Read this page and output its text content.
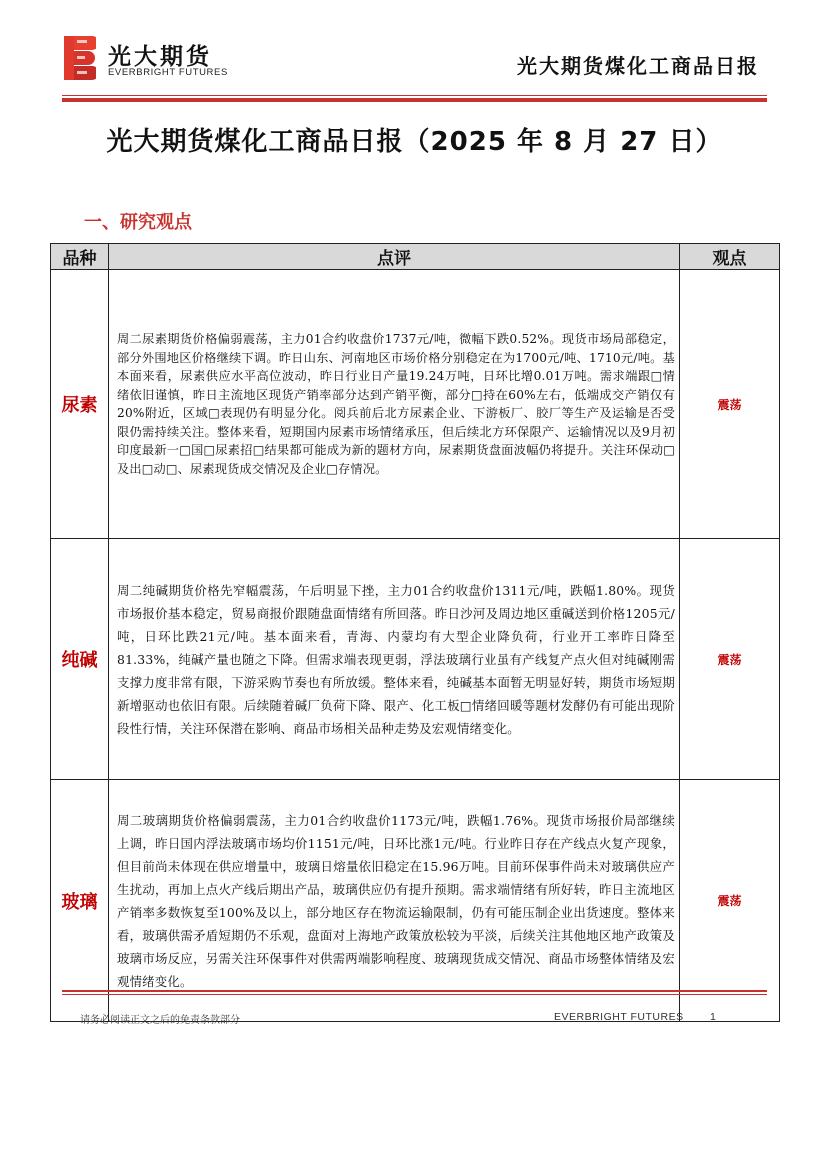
光大期货
EVERBRIGHT FUTURES	光大期货煤化工商品日报
光大期货煤化工商品日报（2025 年 8 月 27 日）
一、研究观点
品种	点评	观点
尿素	周二尿素期货价格偏弱震荡，主力01合约收盘价1737元/吨，微幅下跌0.52%。现货市场局部稳定，部分外围地区价格继续下调。昨日山东、河南地区市场价格分别稳定在为1700元/吨、1710元/吨。基本面来看，尿素供应水平高位波动，昨日行业日产量19.24万吨，日环比增0.01万吨。需求端跟□情绪依旧谨慎，昨日主流地区现货产销率部分达到产销平衡，部分□持在60%左右，低端成交产销仅有20%附近，区域□表现仍有明显分化。阅兵前后北方尿素企业、下游板厂、胶厂等生产及运输是否受限仍需持续关注。整体来看，短期国内尿素市场情绪承压，但后续北方环保限产、运输情况以及9月初印度最新一□国□尿素招□结果都可能成为新的题材方向，尿素期货盘面波幅仍将提升。关注环保动□及出□动□、尿素现货成交情况及企业□存情况。	震荡
纯碱	周二纯碱期货价格先窄幅震荡，午后明显下挫，主力01合约收盘价1311元/吨，跌幅1.80%。现货市场报价基本稳定，贸易商报价跟随盘面情绪有所回落。昨日沙河及周边地区重碱送到价格1205元/吨，日环比跌21元/吨。基本面来看，青海、内蒙均有大型企业降负荷，行业开工率昨日降至81.33%，纯碱产量也随之下降。但需求端表现更弱，浮法玻璃行业虽有产线复产点火但对纯碱刚需支撑力度非常有限，下游采购节奏也有所放缓。整体来看，纯碱基本面暂无明显好转，期货市场短期新增驱动也依旧有限。后续随着碱厂负荷下降、限产、化工板□情绪回暖等题材发酵仍有可能出现阶段性行情，关注环保潜在影响、商品市场相关品种走势及宏观情绪变化。	震荡
玻璃	周二玻璃期货价格偏弱震荡，主力01合约收盘价1173元/吨，跌幅1.76%。现货市场报价局部继续上调，昨日国内浮法玻璃市场均价1151元/吨，日环比涨1元/吨。行业昨日存在产线点火复产现象，但目前尚未体现在供应增量中，玻璃日熔量依旧稳定在15.96万吨。目前环保事件尚未对玻璃供应产生扰动，再加上点火产线后期出产品，玻璃供应仍有提升预期。需求端情绪有所好转，昨日主流地区产销率多数恢复至100%及以上，部分地区存在物流运输限制，仍有可能压制企业出货速度。整体来看，玻璃供需矛盾短期仍不乐观，盘面对上海地产政策放松较为平淡，后续关注其他地区地产政策及玻璃市场反应，另需关注环保事件对供需两端影响程度、玻璃现货成交情况、商品市场整体情绪及宏观情绪变化。	震荡
请务必阅读正文之后的免责条款部分	EVERBRIGHT FUTURES	1
